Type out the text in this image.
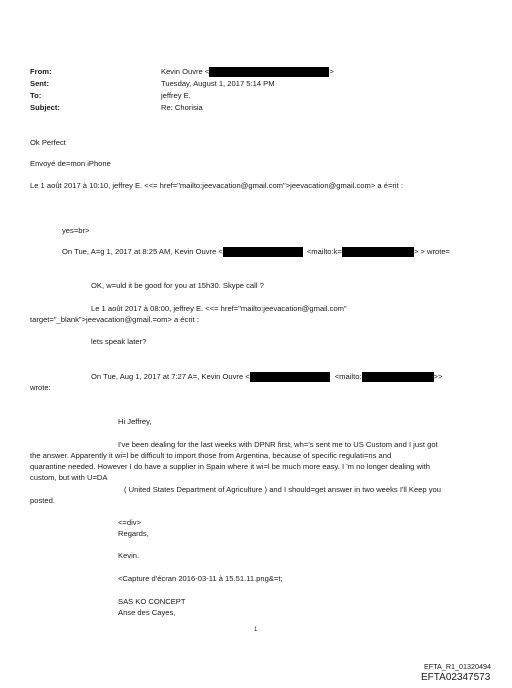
From:	Kevin Ouvre <	>
Sent:	Tuesday, August 1, 2017 5:14 PM
To:	jeffrey E.
Subject:	Re: Chorisia
Ok Perfect
Envoyé de=mon iPhone
Le 1 août 2017 à 10:10, jeffrey E. <<= href="mailto:jeevacation@gmail.com">jeevacation@gmail.com> a é=rit :
yes=br>
On Tue, A=g 1, 2017 at 8:25 AM, Kevin Ouvre <	<mailto:k=	> > wrote=
OK, w=uld it be good for you at 15h30. Skype call ?
Le 1 août 2017 à 08:00, jeffrey E. <<= href="mailto:jeevacation@gmail.com"
target="_blank">jeevacation@gmail.=om> a écrit :
lets speak later?
On Tue, Aug 1, 2017 at 7:27 A=, Kevin Ouvre <	<mailto:	>>
wrote:
Hi Jeffrey,
I've been dealing for the last weeks with DPNR first, wh='s sent me to US Custom and I just got
the answer. Apparently it wi=l be difficult to import those from Argentina, because of specific regulati=ns and
quarantine needed. However I do have a supplier in Spain where it wi=l be much more easy. I 'm no longer dealing with
custom, but with U=DA
( United States Department of Agriculture ) and I should=get answer in two weeks I'll Keep you
posted.
<=div>
Regards,
Kevin.
<Capture d'écran 2016-03-11 à 15.51.11.png&=t;
SAS KO CONCEPT
Anse des Cayes,
1
EFTA_R1_01320494
EFTA02347573
